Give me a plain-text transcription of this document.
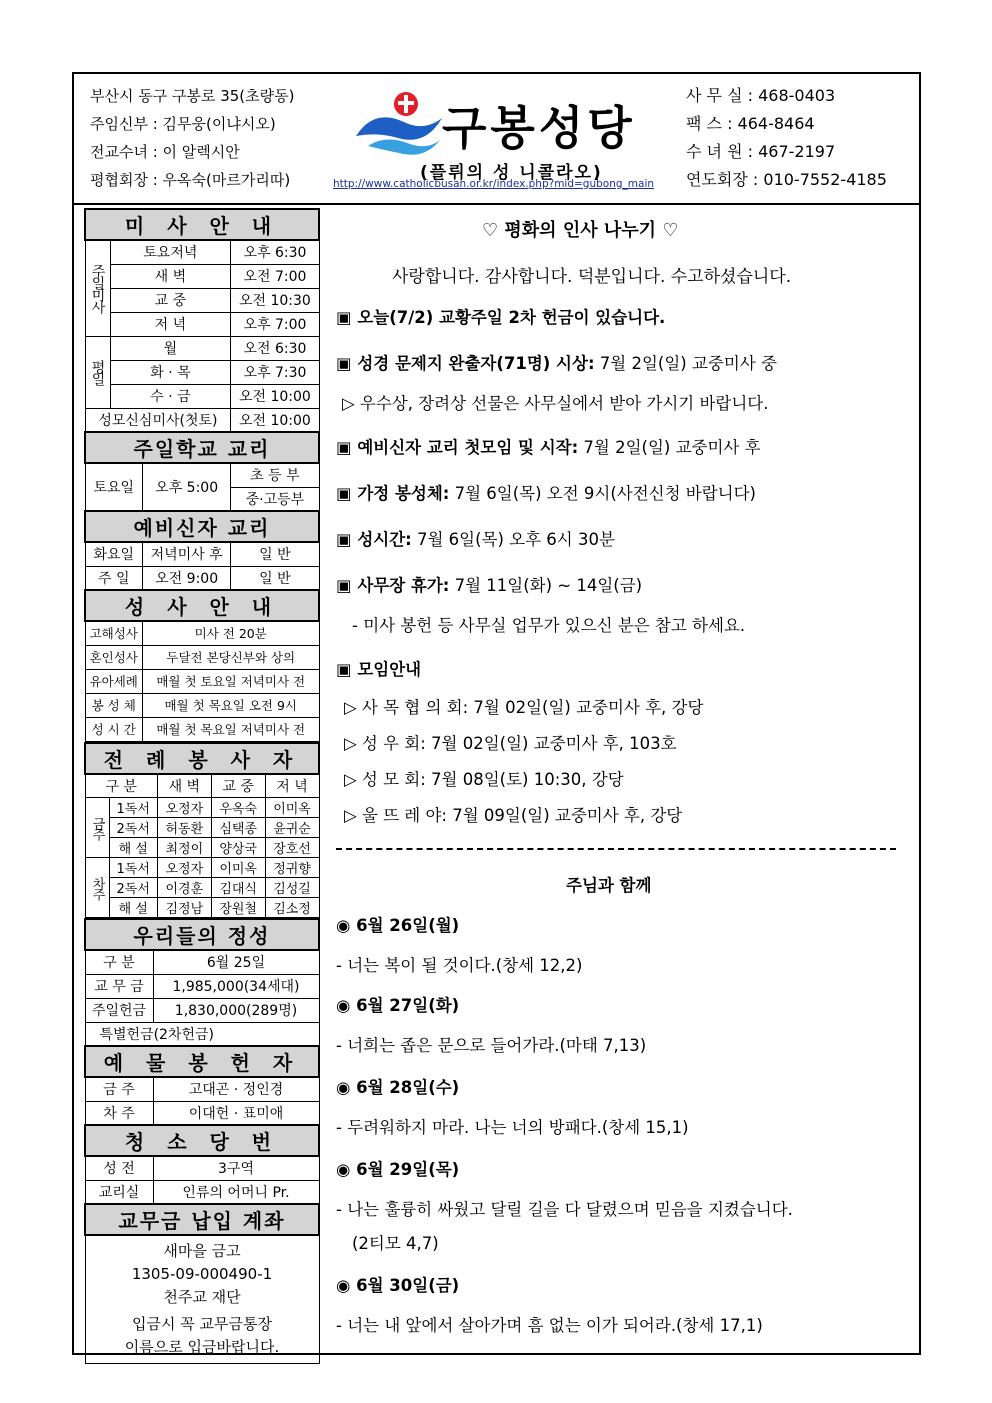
부산시 동구 구봉로 35(초량동)
주임신부 : 김무웅(이냐시오)
전교수녀 : 이 알렉시안
평협회장 : 우옥숙(마르가리따)
구봉성당
(플뤼의 성 니콜라오)
http://www.catholicbusan.or.kr/index.php?mid=gubong_main
사 무 실 : 468-0403
팩 스 : 464-8464
수 녀 원 : 467-2197
연도회장 : 010-7552-4185
미 사 안 내			
주일미사	토요저녁		오후 6:30
	새 벽		오전 7:00
	교 중		오전 10:30
	저 녁		오후 7:00
평일	월		오전 6:30
	화 · 목		오후 7:30
	수 · 금		오전 10:00
성모신심미사(첫토)			오전 10:00
주일학교 교리			
토요일		오후 5:00	초 등 부
			중·고등부
예비신자 교리			
화요일		저녁미사 후	일 반
주 일		오전 9:00	일 반
성 사 안 내			
고해성사		미사 전 20분	
혼인성사		두달전 본당신부와 상의	
유아세례		매월 첫 토요일 저녁미사 전	
봉 성 체		매월 첫 목요일 오전 9시	
성 시 간		매월 첫 목요일 저녁미사 전	
전 례 봉 사 자				
구 분		새 벽	교 중	저 녁
금주	1독서	오정자	우옥숙	이미옥
	2독서	허동환	심택종	윤귀순
	해 설	최정이	양상국	장호선
차주	1독서	오정자	이미옥	정귀향
	2독서	이경훈	김대식	김성길
	해 설	김정남	장원철	김소정
우리들의 정성	
구 분	6월 25일
교 무 금	1,985,000(34세대)
주일헌금	1,830,000(289명)
특별헌금(2차헌금)	
예 물 봉 헌 자	
금 주	고대곤 · 정인경
차 주	이대헌 · 표미애
청 소 당 번	
성 전	3구역
교리실	인류의 어머니 Pr.
교무금 납입 계좌	

새마을 금고
1305-09-000490-1
천주교 재단
입금시 꼭 교무금통장
이름으로 입금바랍니다.	
♡ 평화의 인사 나누기 ♡
사랑합니다. 감사합니다. 덕분입니다. 수고하셨습니다.
▣ 오늘(7/2) 교황주일 2차 헌금이 있습니다.
▣ 성경 문제지 완출자(71명) 시상: 7월 2일(일) 교중미사 중
▷ 우수상, 장려상 선물은 사무실에서 받아 가시기 바랍니다.
▣ 예비신자 교리 첫모임 및 시작: 7월 2일(일) 교중미사 후
▣ 가정 봉성체: 7월 6일(목) 오전 9시(사전신청 바랍니다)
▣ 성시간: 7월 6일(목) 오후 6시 30분
▣ 사무장 휴가: 7월 11일(화) ~ 14일(금)
- 미사 봉헌 등 사무실 업무가 있으신 분은 참고 하세요.
▣ 모임안내
▷ 사 목 협 의 회: 7월 02일(일) 교중미사 후, 강당
▷ 성 우 회: 7월 02일(일) 교중미사 후, 103호
▷ 성 모 회: 7월 08일(토) 10:30, 강당
▷ 울 뜨 레 야: 7월 09일(일) 교중미사 후, 강당
주님과 함께
◉ 6월 26일(월)
- 너는 복이 될 것이다.(창세 12,2)
◉ 6월 27일(화)
- 너희는 좁은 문으로 들어가라.(마태 7,13)
◉ 6월 28일(수)
- 두려워하지 마라. 나는 너의 방패다.(창세 15,1)
◉ 6월 29일(목)
- 나는 훌륭히 싸웠고 달릴 길을 다 달렸으며 믿음을 지켰습니다.
(2티모 4,7)
◉ 6월 30일(금)
- 너는 내 앞에서 살아가며 흠 없는 이가 되어라.(창세 17,1)
